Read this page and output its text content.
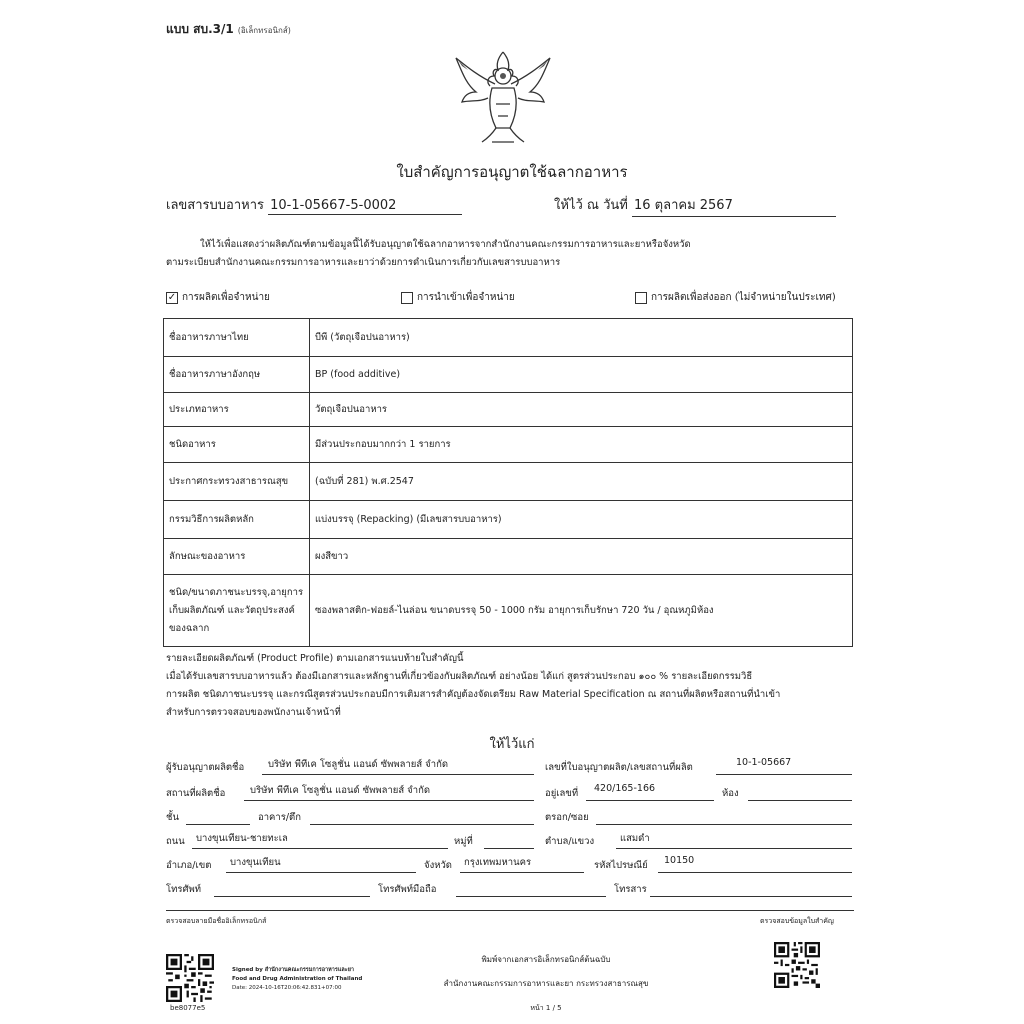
แบบ สบ.3/1 (อิเล็กทรอนิกส์)
ใบสำคัญการอนุญาตใช้ฉลากอาหาร
เลขสารบบอาหาร 10-1-05667-5-0002	ให้ไว้ ณ วันที่ 16 ตุลาคม 2567
ให้ไว้เพื่อแสดงว่าผลิตภัณฑ์ตามข้อมูลนี้ได้รับอนุญาตใช้ฉลากอาหารจากสำนักงานคณะกรรมการอาหารและยาหรือจังหวัด
ตามระเบียบสำนักงานคณะกรรมการอาหารและยาว่าด้วยการดำเนินการเกี่ยวกับเลขสารบบอาหาร
✓ การผลิตเพื่อจำหน่าย	การนำเข้าเพื่อจำหน่าย	การผลิตเพื่อส่งออก (ไม่จำหน่ายในประเทศ)
ชื่ออาหารภาษาไทย	บีพี (วัตถุเจือปนอาหาร)
ชื่ออาหารภาษาอังกฤษ	BP (food additive)
ประเภทอาหาร	วัตถุเจือปนอาหาร
ชนิดอาหาร	มีส่วนประกอบมากกว่า 1 รายการ
ประกาศกระทรวงสาธารณสุข	(ฉบับที่ 281) พ.ศ.2547
กรรมวิธีการผลิตหลัก	แบ่งบรรจุ (Repacking) (มีเลขสารบบอาหาร)
ลักษณะของอาหาร	ผงสีขาว
ชนิด/ขนาดภาชนะบรรจุ,อายุการเก็บผลิตภัณฑ์ และวัตถุประสงค์ของฉลาก	ซองพลาสติก-ฟอยล์-ไนล่อน ขนาดบรรจุ 50 - 1000 กรัม อายุการเก็บรักษา 720 วัน / อุณหภูมิห้อง
รายละเอียดผลิตภัณฑ์ (Product Profile) ตามเอกสารแนบท้ายใบสำคัญนี้
เมื่อได้รับเลขสารบบอาหารแล้ว ต้องมีเอกสารและหลักฐานที่เกี่ยวข้องกับผลิตภัณฑ์ อย่างน้อย ได้แก่ สูตรส่วนประกอบ ๑๐๐ % รายละเอียดกรรมวิธี
การผลิต ชนิดภาชนะบรรจุ และกรณีสูตรส่วนประกอบมีการเติมสารสำคัญต้องจัดเตรียม Raw Material Specification ณ สถานที่ผลิตหรือสถานที่นำเข้า
สำหรับการตรวจสอบของพนักงานเจ้าหน้าที่
ให้ไว้แก่
ผู้รับอนุญาตผลิตชื่อ	บริษัท พีทีเค โซลูชั่น แอนด์ ซัพพลายส์ จำกัด	เลขที่ใบอนุญาตผลิต/เลขสถานที่ผลิต	10-1-05667
สถานที่ผลิตชื่อ	บริษัท พีทีเค โซลูชั่น แอนด์ ซัพพลายส์ จำกัด	อยู่เลขที่ 420/165-166	ห้อง
ชั้น	อาคาร/ตึก	ตรอก/ซอย
ถนน บางขุนเทียน-ชายทะเล	หมู่ที่	ตำบล/แขวง	แสมดำ
อำเภอ/เขต บางขุนเทียน	จังหวัด กรุงเทพมหานคร	รหัสไปรษณีย์ 10150
โทรศัพท์	โทรศัพท์มือถือ	โทรสาร
ตรวจสอบลายมือชื่ออิเล็กทรอนิกส์	ตรวจสอบข้อมูลใบสำคัญ
be8077e5
Signed by สำนักงานคณะกรรมการอาหารและยา
Food and Drug Administration of Thailand
Date: 2024-10-16T20:06:42.831+07:00
พิมพ์จากเอกสารอิเล็กทรอนิกส์ต้นฉบับ
สำนักงานคณะกรรมการอาหารและยา กระทรวงสาธารณสุข
หน้า 1 / 5
